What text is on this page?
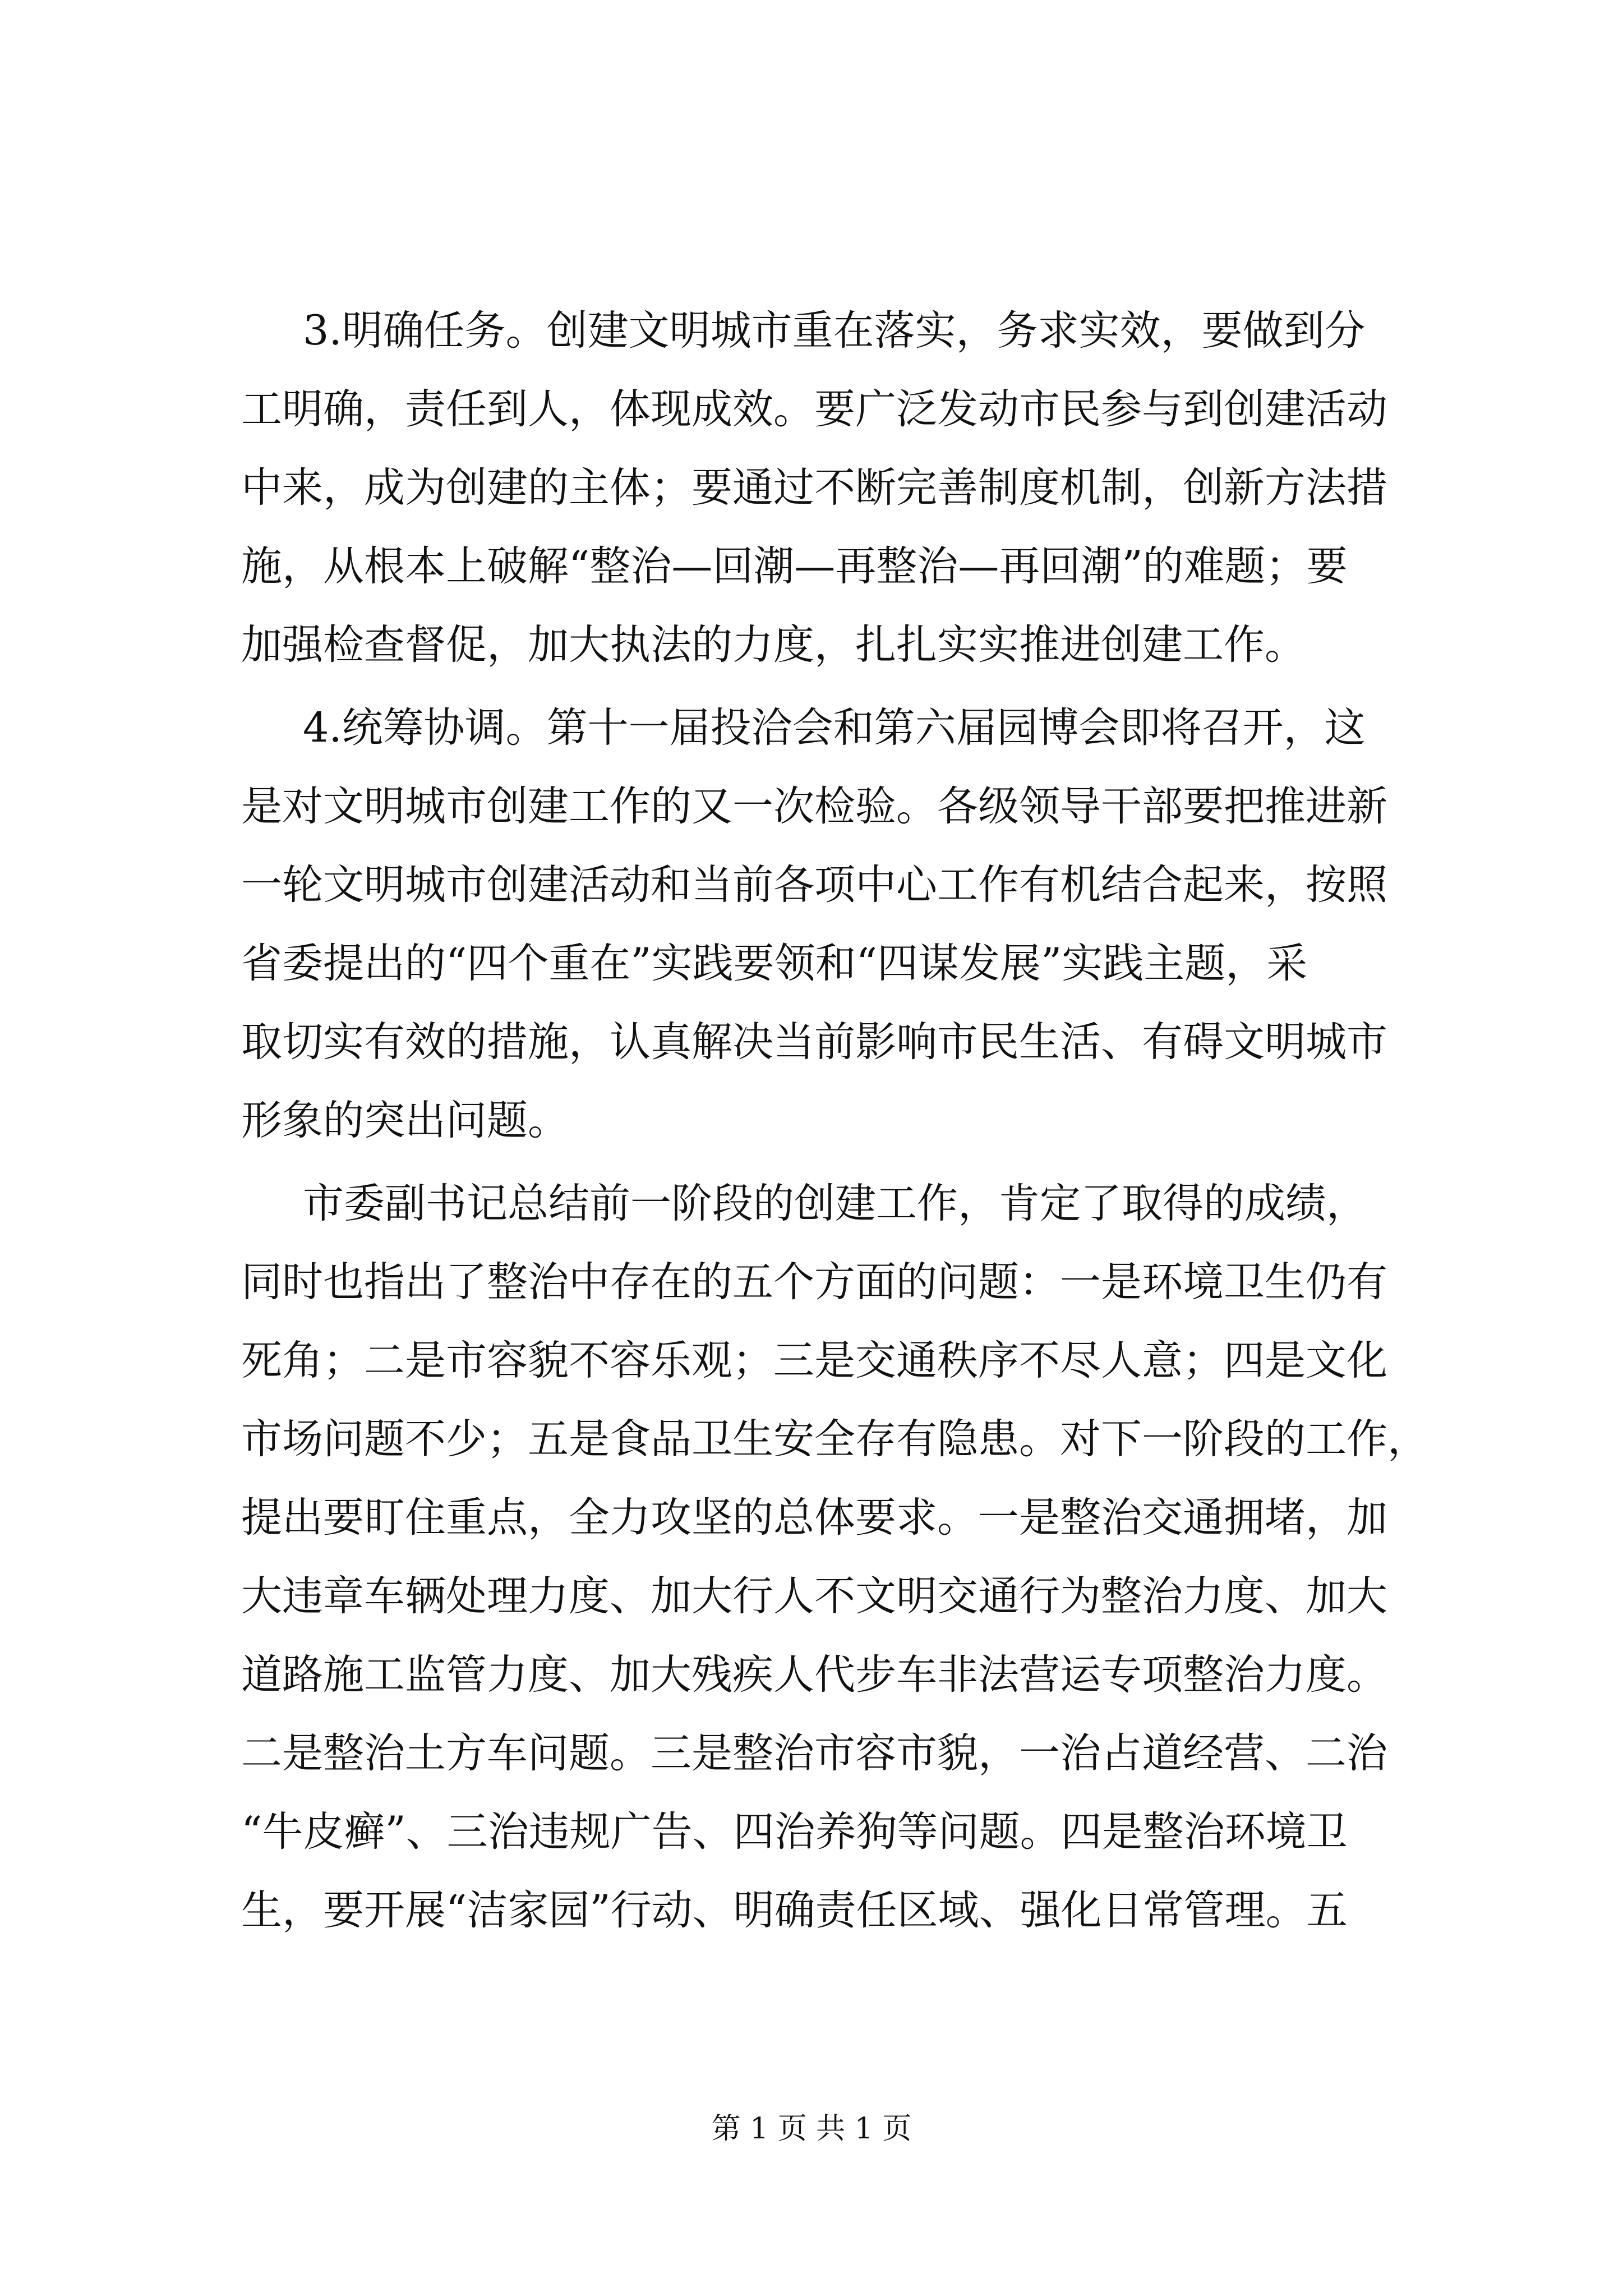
3.明确任务。创建文明城市重在落实，务求实效，要做到分
工明确，责任到人，体现成效。要广泛发动市民参与到创建活动
中来，成为创建的主体；要通过不断完善制度机制，创新方法措
施，从根本上破解“整治—回潮—再整治—再回潮”的难题；要
加强检查督促，加大执法的力度，扎扎实实推进创建工作。
4.统筹协调。第十一届投洽会和第六届园博会即将召开，这
是对文明城市创建工作的又一次检验。各级领导干部要把推进新
一轮文明城市创建活动和当前各项中心工作有机结合起来，按照
省委提出的“四个重在”实践要领和“四谋发展”实践主题，采
取切实有效的措施，认真解决当前影响市民生活、有碍文明城市
形象的突出问题。
市委副书记总结前一阶段的创建工作，肯定了取得的成绩，
同时也指出了整治中存在的五个方面的问题：一是环境卫生仍有
死角；二是市容貌不容乐观；三是交通秩序不尽人意；四是文化
市场问题不少；五是食品卫生安全存有隐患。对下一阶段的工作，
提出要盯住重点，全力攻坚的总体要求。一是整治交通拥堵，加
大违章车辆处理力度、加大行人不文明交通行为整治力度、加大
道路施工监管力度、加大残疾人代步车非法营运专项整治力度。
二是整治土方车问题。三是整治市容市貌，一治占道经营、二治
“牛皮癣”、三治违规广告、四治养狗等问题。四是整治环境卫
生，要开展“洁家园”行动、明确责任区域、强化日常管理。五
第 1 页 共 1 页
